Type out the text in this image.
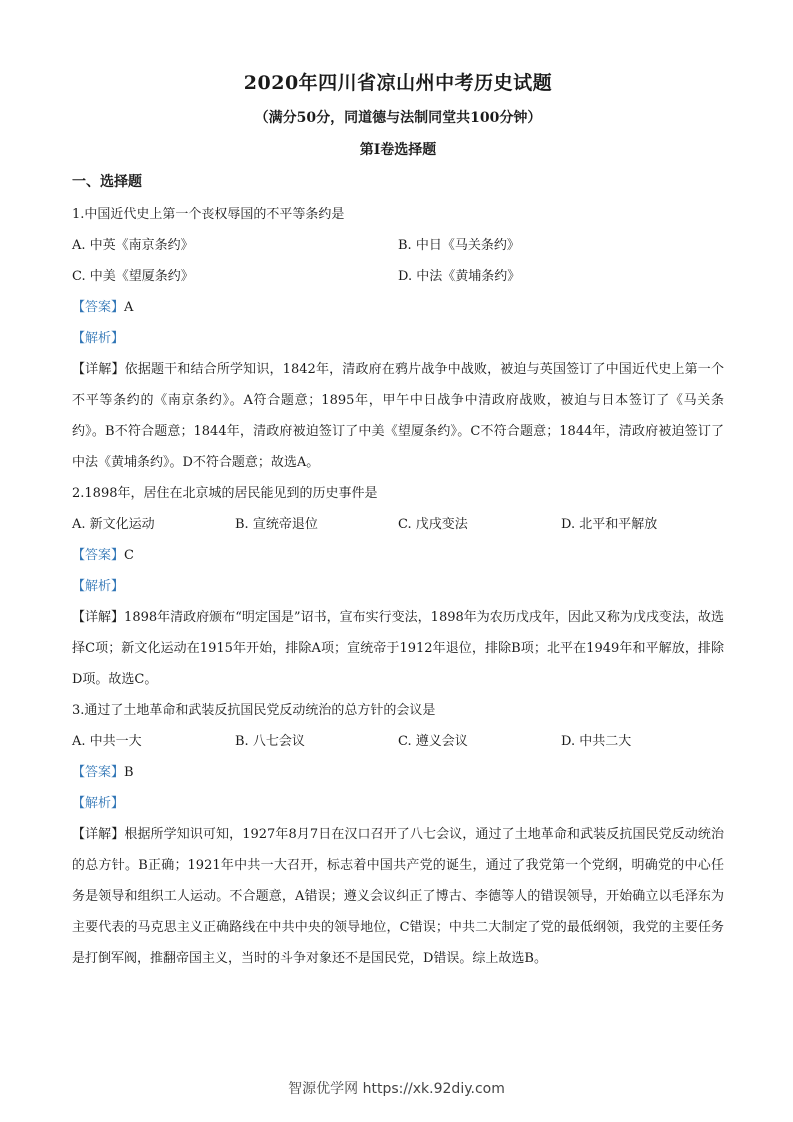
2020年四川省凉山州中考历史试题
（满分50分，同道德与法制同堂共100分钟）
第Ⅰ卷选择题
一、选择题

1.中国近代史上第一个丧权辱国的不平等条约是

A. 中英《南京条约》	B. 中日《马关条约》
C. 中美《望厦条约》	D. 中法《黄埔条约》
【答案】A
【解析】

【详解】依据题干和结合所学知识，1842年，清政府在鸦片战争中战败，被迫与英国签订了中国近代史上第一个不平等条约的《南京条约》。A符合题意；1895年，甲午中日战争中清政府战败，被迫与日本签订了《马关条约》。B不符合题意；1844年，清政府被迫签订了中美《望厦条约》。C不符合题意；1844年，清政府被迫签订了中法《黄埔条约》。D不符合题意；故选A。

2.1898年，居住在北京城的居民能见到的历史事件是

A. 新文化运动	B. 宣统帝退位	C. 戊戌变法	D. 北平和平解放
【答案】C
【解析】

【详解】1898年清政府颁布“明定国是”诏书，宣布实行变法，1898年为农历戊戌年，因此又称为戊戌变法，故选择C项；新文化运动在1915年开始，排除A项；宣统帝于1912年退位，排除B项；北平在1949年和平解放，排除D项。故选C。

3.通过了土地革命和武装反抗国民党反动统治的总方针的会议是

A. 中共一大	B. 八七会议	C. 遵义会议	D. 中共二大
【答案】B
【解析】

【详解】根据所学知识可知，1927年8月7日在汉口召开了八七会议，通过了土地革命和武装反抗国民党反动统治的总方针。B正确；1921年中共一大召开，标志着中国共产党的诞生，通过了我党第一个党纲，明确党的中心任务是领导和组织工人运动。不合题意，A错误；遵义会议纠正了博古、李德等人的错误领导，开始确立以毛泽东为主要代表的马克思主义正确路线在中共中央的领导地位，C错误；中共二大制定了党的最低纲领，我党的主要任务是打倒军阀，推翻帝国主义，当时的斗争对象还不是国民党，D错误。综上故选B。

智源优学网 https://xk.92diy.com
